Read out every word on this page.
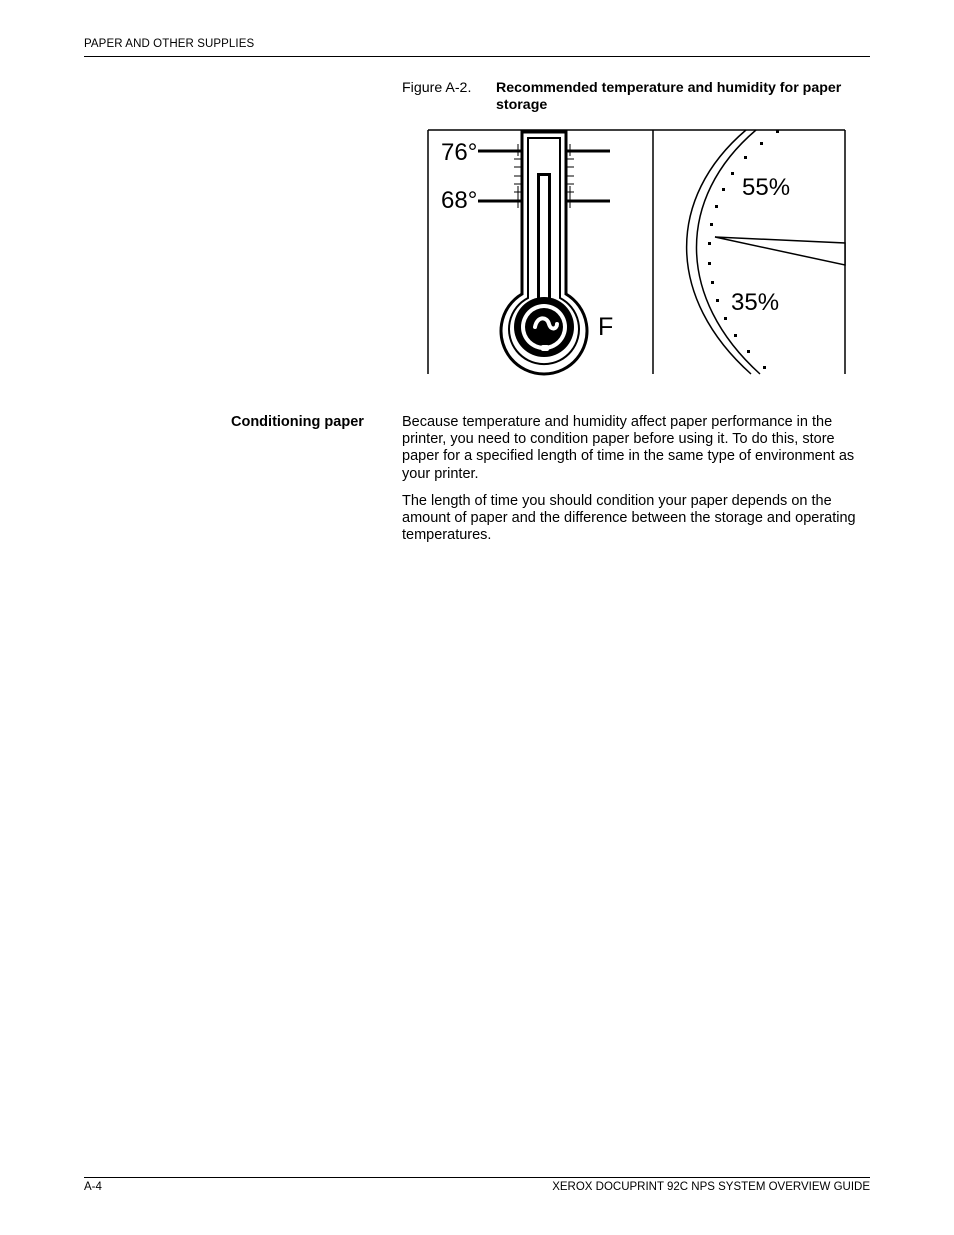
PAPER AND OTHER SUPPLIES
Figure A-2. Recommended temperature and humidity for paper storage
76°
68°
F
55%
35%
Conditioning paper	Because temperature and humidity affect paper performance in the printer, you need to condition paper before using it. To do this, store paper for a specified length of time in the same type of environment as your printer.

The length of time you should condition your paper depends on the amount of paper and the difference between the storage and operating temperatures.

A-4	XEROX DOCUPRINT 92C NPS SYSTEM OVERVIEW GUIDE
